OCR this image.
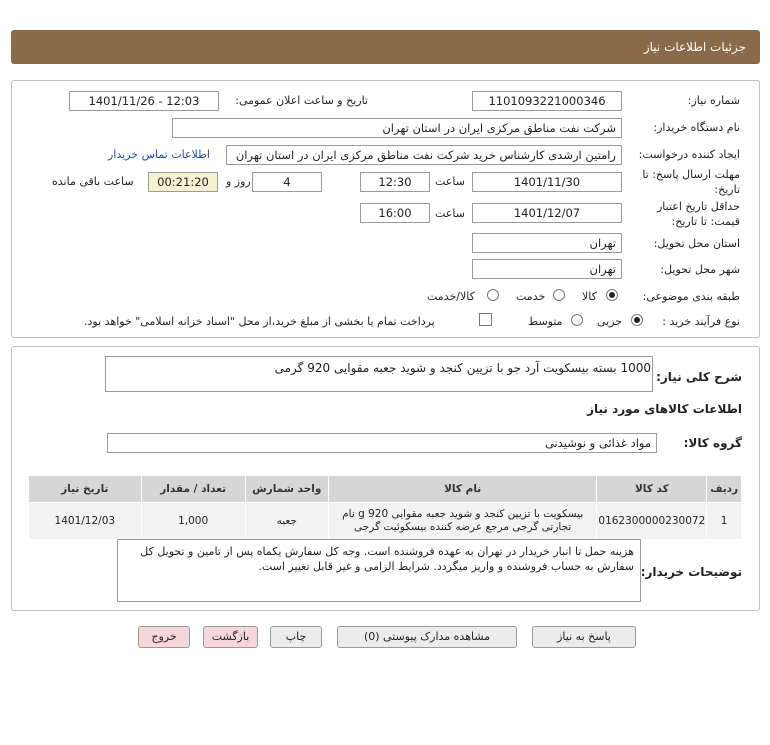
جزئیات اطلاعات نیاز
شماره نیاز:
1101093221000346
تاریخ و ساعت اعلان عمومی:
1401/11/26 - 12:03
نام دستگاه خریدار:
شرکت نفت مناطق مرکزی ایران در استان تهران
ایجاد کننده درخواست:
رامتین ارشدی کارشناس خرید شرکت نفت مناطق مرکزی ایران در استان تهران
اطلاعات تماس خریدار
مهلت ارسال پاسخ: تا تاریخ:
1401/11/30
ساعت
12:30
4
روز و
00:21:20
ساعت باقی مانده
حداقل تاریخ اعتبار قیمت: تا تاریخ:
1401/12/07
ساعت
16:00
استان محل تحویل:
تهران
شهر محل تحویل:
تهران
طبقه بندی موضوعی:
کالا
خدمت
کالا/خدمت
نوع فرآیند خرید :
جزیی
متوسط
پرداخت تمام یا بخشی از مبلغ خرید،از محل "اسناد خزانه اسلامی" خواهد بود.
شرح کلی نیاز:
1000 بسته بیسکویت آرد جو با تزیین کنجد و شوید جعبه مقوایی 920 گرمی
اطلاعات کالاهای مورد نیاز
گروه کالا:
مواد غذائی و نوشیدنی
ردیف	کد کالا	نام کالا	واحد شمارش	تعداد / مقدار	تاریخ نیاز
1	0162300000230072	بیسکویت با تزیین کنجد و شوید جعبه مقوایی 920 g نام تجارتی گرجی مرجع عرضه کننده بیسکوئیت گرجی	جعبه	1,000	1401/12/03
توضیحات خریدار:
هزینه حمل تا انبار خریدار در تهران به عهده فروشنده است. وجه کل سفارش یکماه پس از تامین و تحویل کل سفارش به حساب فروشنده و واریز میگردد. شرایط الزامی و غیر قابل تغییر است.
پاسخ به نیاز
مشاهده مدارک پیوستی (0)
چاپ
بازگشت
خروج
